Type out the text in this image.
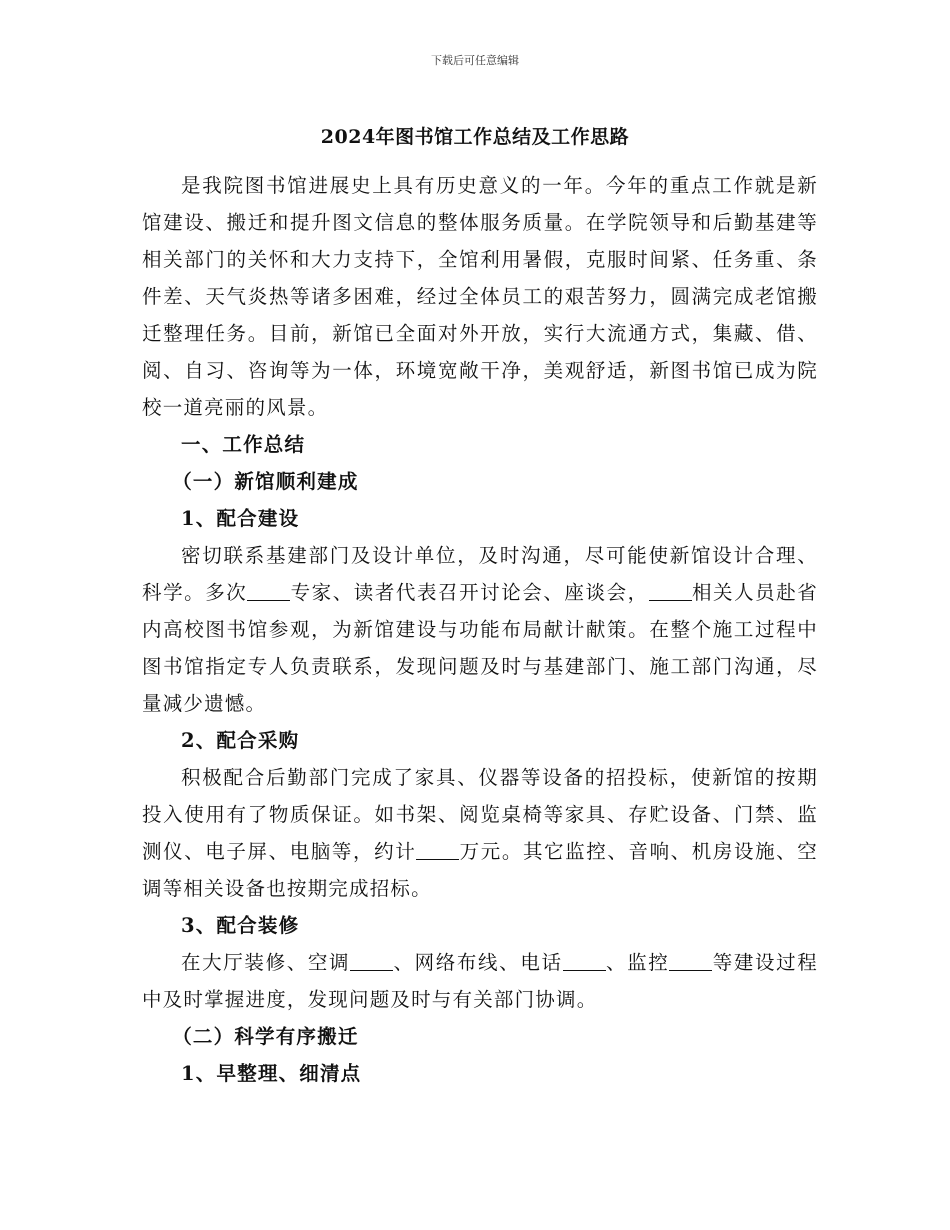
下载后可任意编辑
2024年图书馆工作总结及工作思路

是我院图书馆进展史上具有历史意义的一年。今年的重点工作就是新馆建设、搬迁和提升图文信息的整体服务质量。在学院领导和后勤基建等相关部门的关怀和大力支持下，全馆利用暑假，克服时间紧、任务重、条件差、天气炎热等诸多困难，经过全体员工的艰苦努力，圆满完成老馆搬迁整理任务。目前，新馆已全面对外开放，实行大流通方式，集藏、借、阅、自习、咨询等为一体，环境宽敞干净，美观舒适，新图书馆已成为院校一道亮丽的风景。

一、工作总结

（一）新馆顺利建成

1、配合建设

密切联系基建部门及设计单位，及时沟通，尽可能使新馆设计合理、科学。多次 专家、读者代表召开讨论会、座谈会， 相关人员赴省内高校图书馆参观，为新馆建设与功能布局献计献策。在整个施工过程中图书馆指定专人负责联系，发现问题及时与基建部门、施工部门沟通，尽量减少遗憾。

2、配合采购

积极配合后勤部门完成了家具、仪器等设备的招投标，使新馆的按期投入使用有了物质保证。如书架、阅览桌椅等家具、存贮设备、门禁、监测仪、电子屏、电脑等，约计 万元。其它监控、音响、机房设施、空调等相关设备也按期完成招标。

3、配合装修

在大厅装修、空调 、网络布线、电话 、监控 等建设过程中及时掌握进度，发现问题及时与有关部门协调。

（二）科学有序搬迁

1、早整理、细清点
